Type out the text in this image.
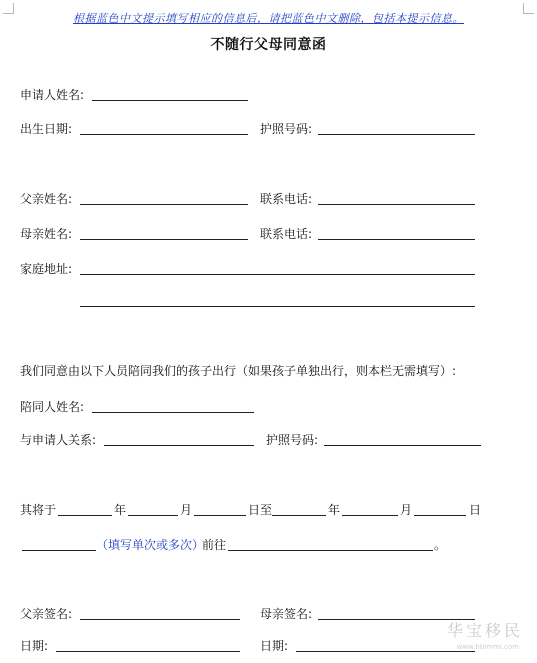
根据蓝色中文提示填写相应的信息后，请把蓝色中文删除，包括本提示信息。
不随行父母同意函
申请人姓名:
出生日期:	护照号码:
父亲姓名:	联系电话:
母亲姓名:	联系电话:
家庭地址:
我们同意由以下人员陪同我们的孩子出行（如果孩子单独出行，则本栏无需填写）:
陪同人姓名:
与申请人关系:	护照号码:
其将于	年	月	日至	年	月	日
（填写单次或多次）
前往	。
父亲签名:	母亲签名:
日期:	日期:
华宝移民
www.hbimmi.com
